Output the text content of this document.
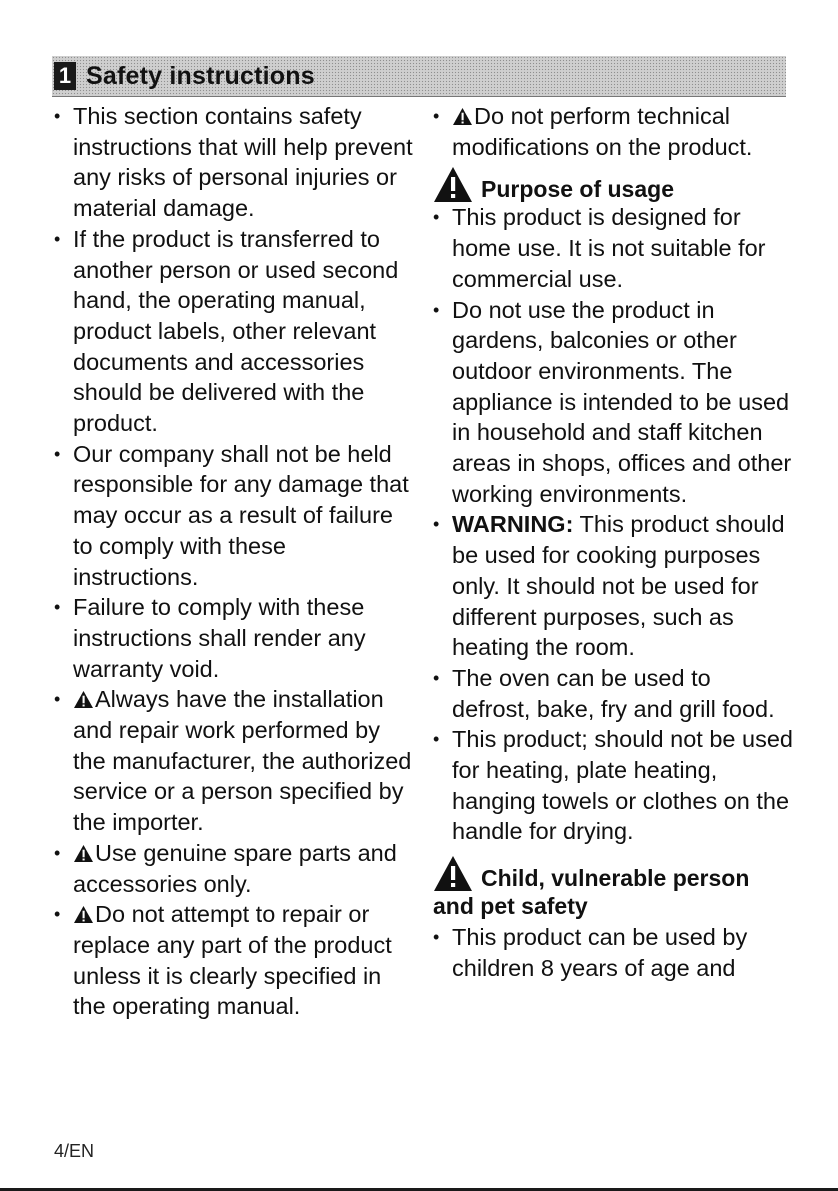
1 Safety instructions
• This section contains safety instructions that will help prevent any risks of personal injuries or material damage.
• If the product is transferred to another person or used second hand, the operating manual, product labels, other relevant documents and accessories should be delivered with the product.
• Our company shall not be held responsible for any damage that may occur as a result of failure to comply with these instructions.
• Failure to comply with these instructions shall render any warranty void.
•	Always have the installation and repair work performed by the manufacturer, the authorized service or a person specified by the importer.
•	Use genuine spare parts and accessories only.
•	Do not attempt to repair or replace any part of the product unless it is clearly specified in the operating manual.
•	Do not perform technical modifications on the product.
Purpose of usage
• This product is designed for home use. It is not suitable for commercial use.
• Do not use the product in gardens, balconies or other outdoor environments. The appliance is intended to be used in household and staff kitchen areas in shops, offices and other working environments.
• WARNING: This product should be used for cooking purposes only. It should not be used for different purposes, such as heating the room.
• The oven can be used to defrost, bake, fry and grill food.
• This product; should not be used for heating, plate heating, hanging towels or clothes on the handle for drying.
Child, vulnerable person
and pet safety
• This product can be used by children 8 years of age and
4/EN
